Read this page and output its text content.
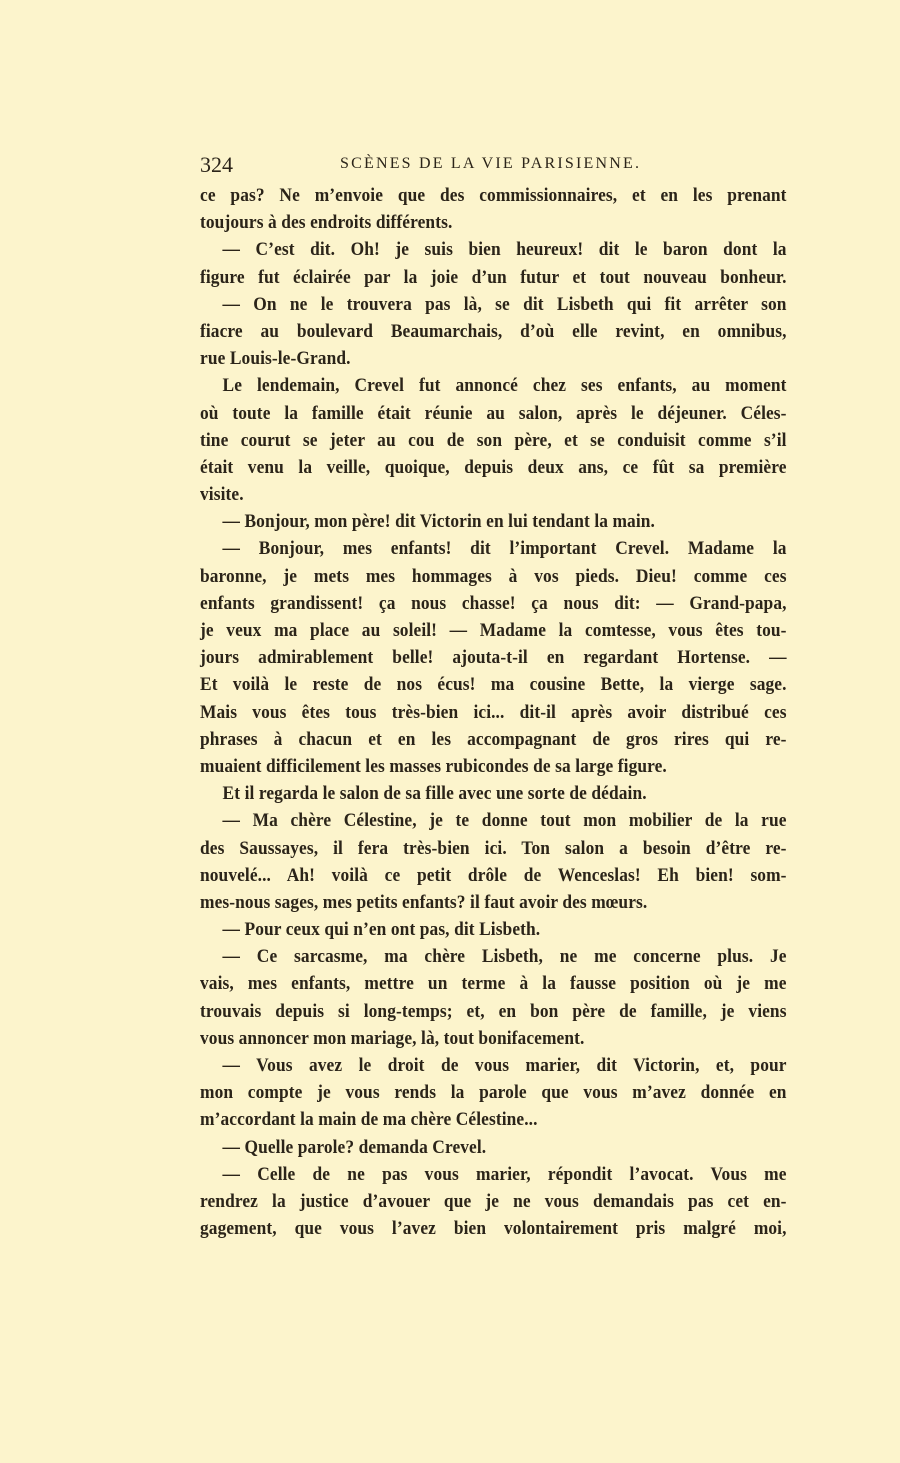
324	SCÈNES DE LA VIE PARISIENNE.
ce pas? Ne m’envoie que des commissionnaires, et en les prenant
toujours à des endroits différents.
— C’est dit. Oh! je suis bien heureux! dit le baron dont la
figure fut éclairée par la joie d’un futur et tout nouveau bonheur.
— On ne le trouvera pas là, se dit Lisbeth qui fit arrêter son
fiacre au boulevard Beaumarchais, d’où elle revint, en omnibus,
rue Louis-le-Grand.
Le lendemain, Crevel fut annoncé chez ses enfants, au moment
où toute la famille était réunie au salon, après le déjeuner. Céles-
tine courut se jeter au cou de son père, et se conduisit comme s’il
était venu la veille, quoique, depuis deux ans, ce fût sa première
visite.
— Bonjour, mon père! dit Victorin en lui tendant la main.
— Bonjour, mes enfants! dit l’important Crevel. Madame la
baronne, je mets mes hommages à vos pieds. Dieu! comme ces
enfants grandissent! ça nous chasse! ça nous dit: — Grand-papa,
je veux ma place au soleil! — Madame la comtesse, vous êtes tou-
jours admirablement belle! ajouta-t-il en regardant Hortense. —
Et voilà le reste de nos écus! ma cousine Bette, la vierge sage.
Mais vous êtes tous très-bien ici... dit-il après avoir distribué ces
phrases à chacun et en les accompagnant de gros rires qui re-
muaient difficilement les masses rubicondes de sa large figure.
Et il regarda le salon de sa fille avec une sorte de dédain.
— Ma chère Célestine, je te donne tout mon mobilier de la rue
des Saussayes, il fera très-bien ici. Ton salon a besoin d’être re-
nouvelé... Ah! voilà ce petit drôle de Wenceslas! Eh bien! som-
mes-nous sages, mes petits enfants? il faut avoir des mœurs.
— Pour ceux qui n’en ont pas, dit Lisbeth.
— Ce sarcasme, ma chère Lisbeth, ne me concerne plus. Je
vais, mes enfants, mettre un terme à la fausse position où je me
trouvais depuis si long-temps; et, en bon père de famille, je viens
vous annoncer mon mariage, là, tout bonifacement.
— Vous avez le droit de vous marier, dit Victorin, et, pour
mon compte je vous rends la parole que vous m’avez donnée en
m’accordant la main de ma chère Célestine...
— Quelle parole? demanda Crevel.
— Celle de ne pas vous marier, répondit l’avocat. Vous me
rendrez la justice d’avouer que je ne vous demandais pas cet en-
gagement, que vous l’avez bien volontairement pris malgré moi,
